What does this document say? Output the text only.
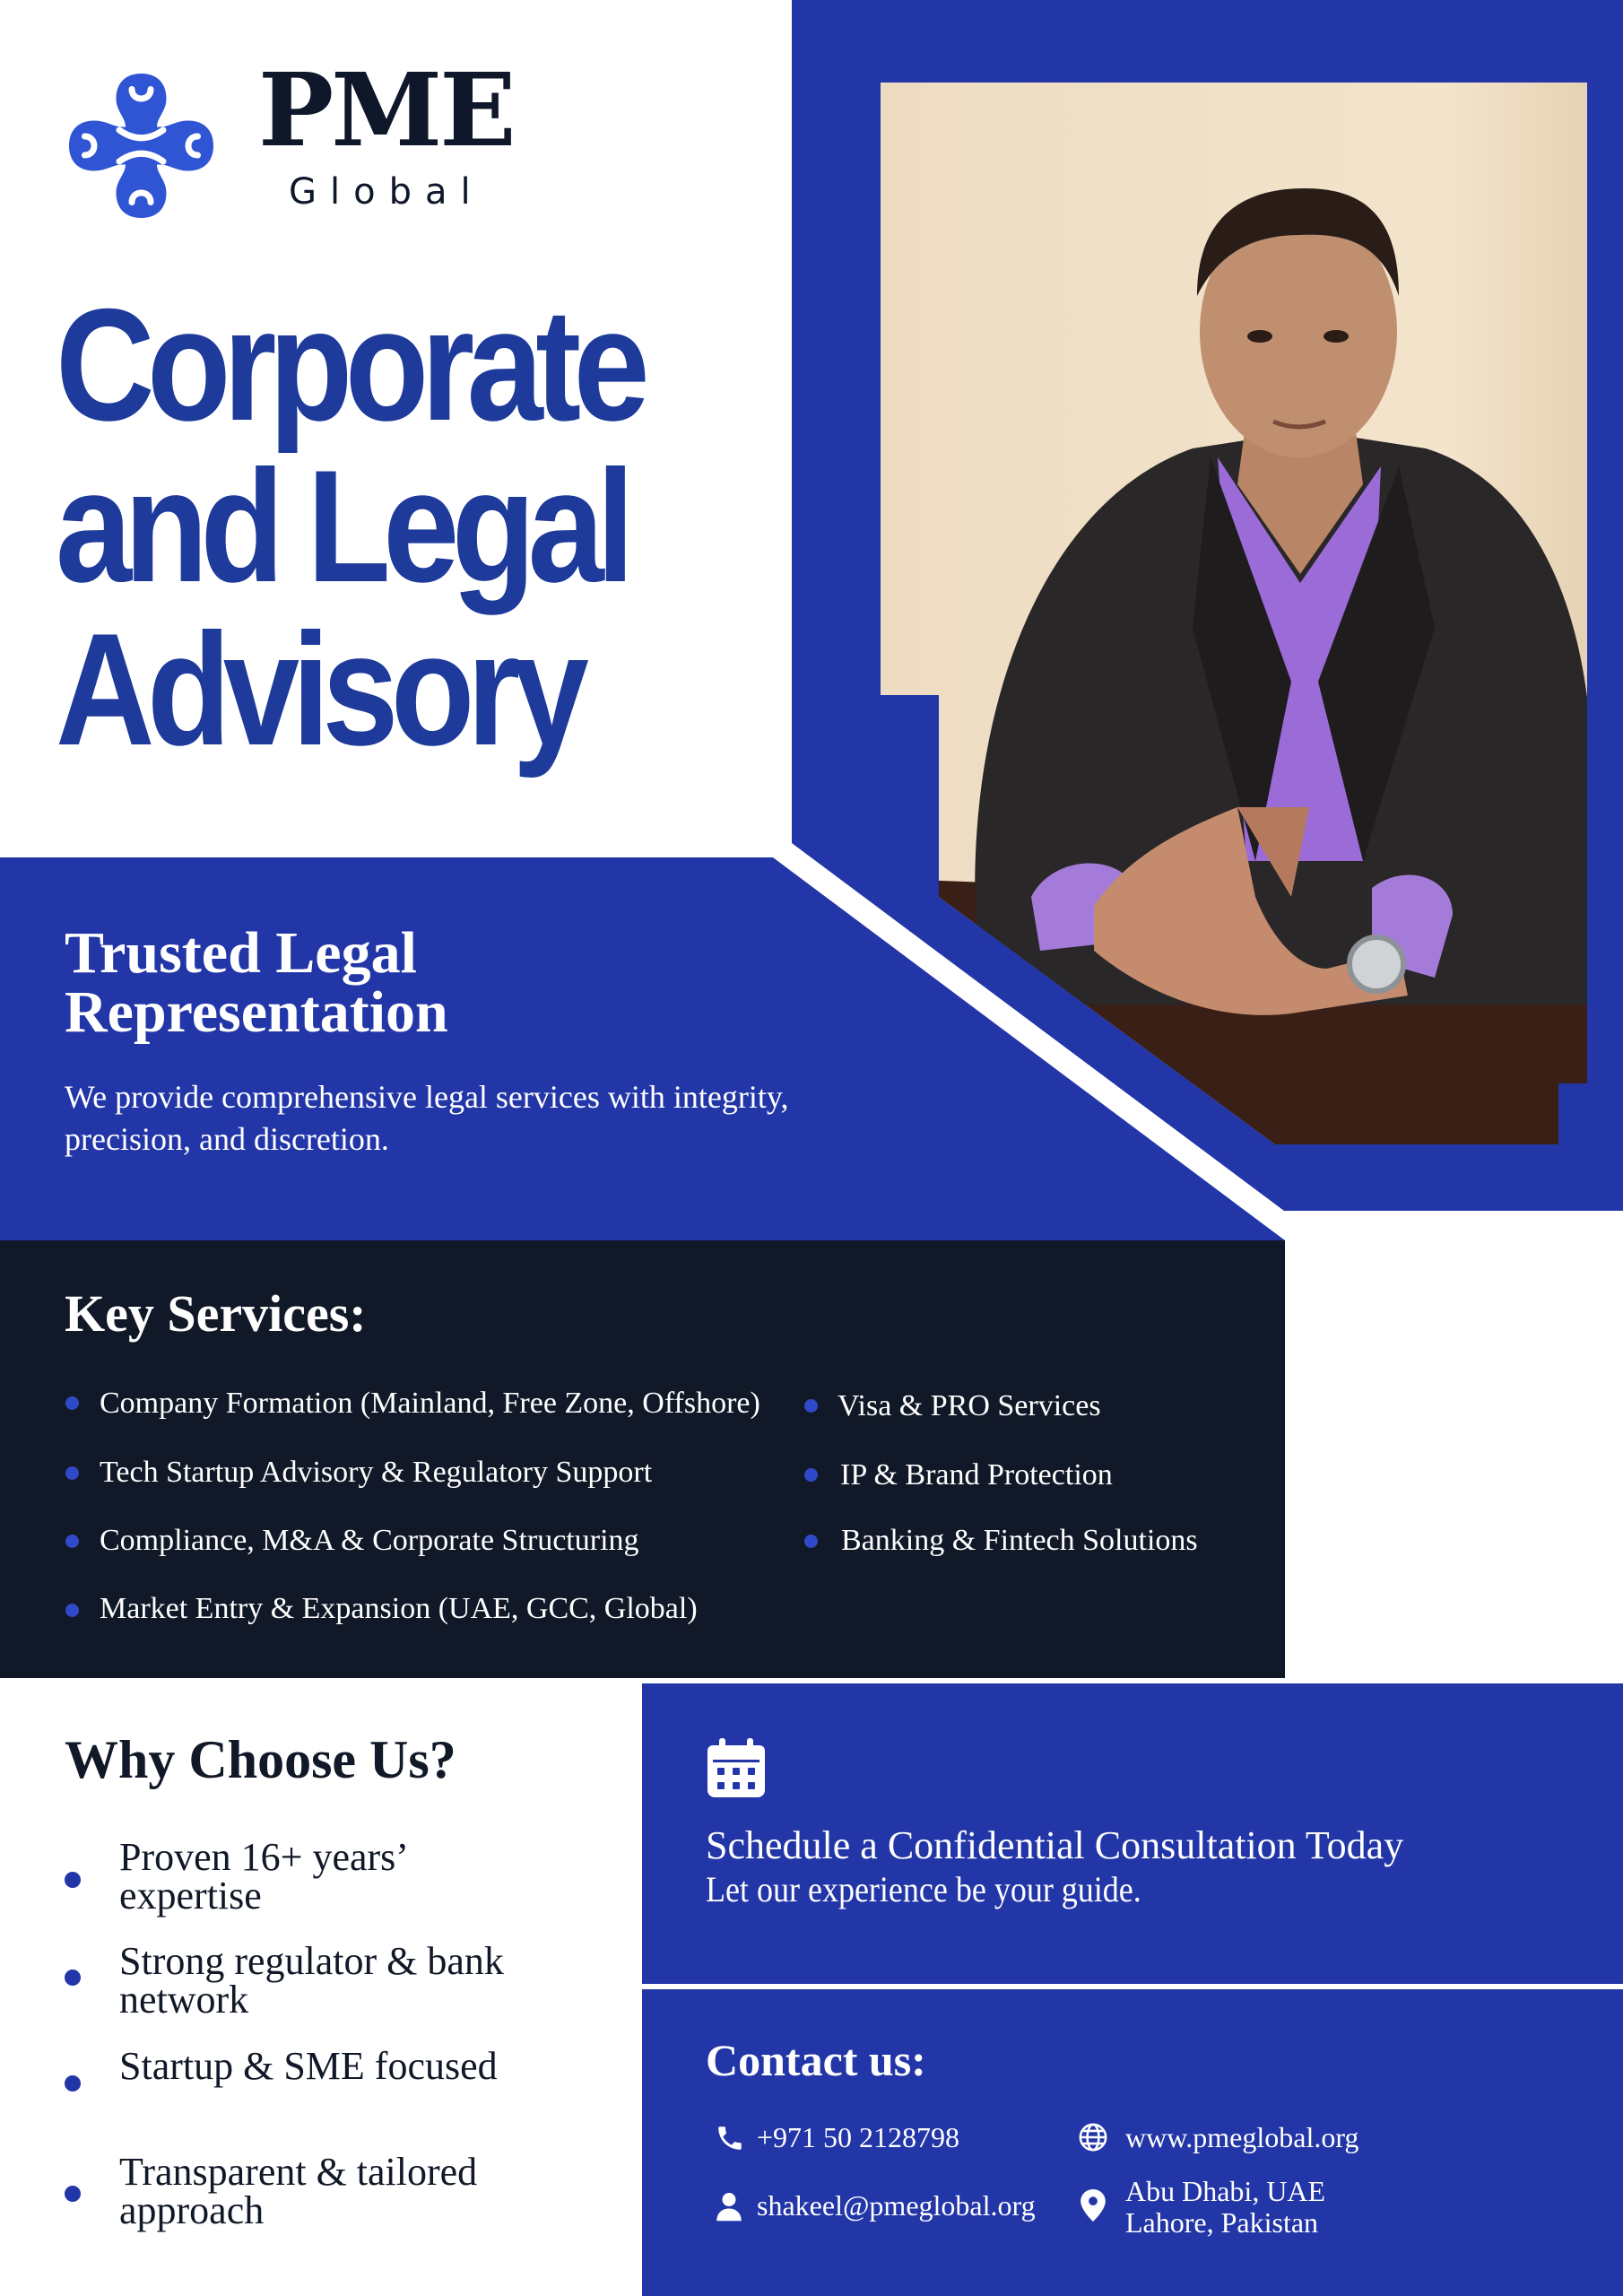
PME
Global
Corporate
and Legal
Advisory
Trusted Legal Representation
We provide comprehensive legal services with integrity, precision, and discretion.
Key Services:
Company Formation (Mainland, Free Zone, Offshore)
Tech Startup Advisory & Regulatory Support
Compliance, M&A & Corporate Structuring
Market Entry & Expansion (UAE, GCC, Global)
Visa & PRO Services
IP & Brand Protection
Banking & Fintech Solutions
Why Choose Us?
Proven 16+ years’ expertise
Strong regulator & bank network
Startup & SME focused
Transparent & tailored approach
Schedule a Confidential Consultation Today
Let our experience be your guide.
Contact us:
+971 50 2128798
shakeel@pmeglobal.org
www.pmeglobal.org
Abu Dhabi, UAE
Lahore, Pakistan
